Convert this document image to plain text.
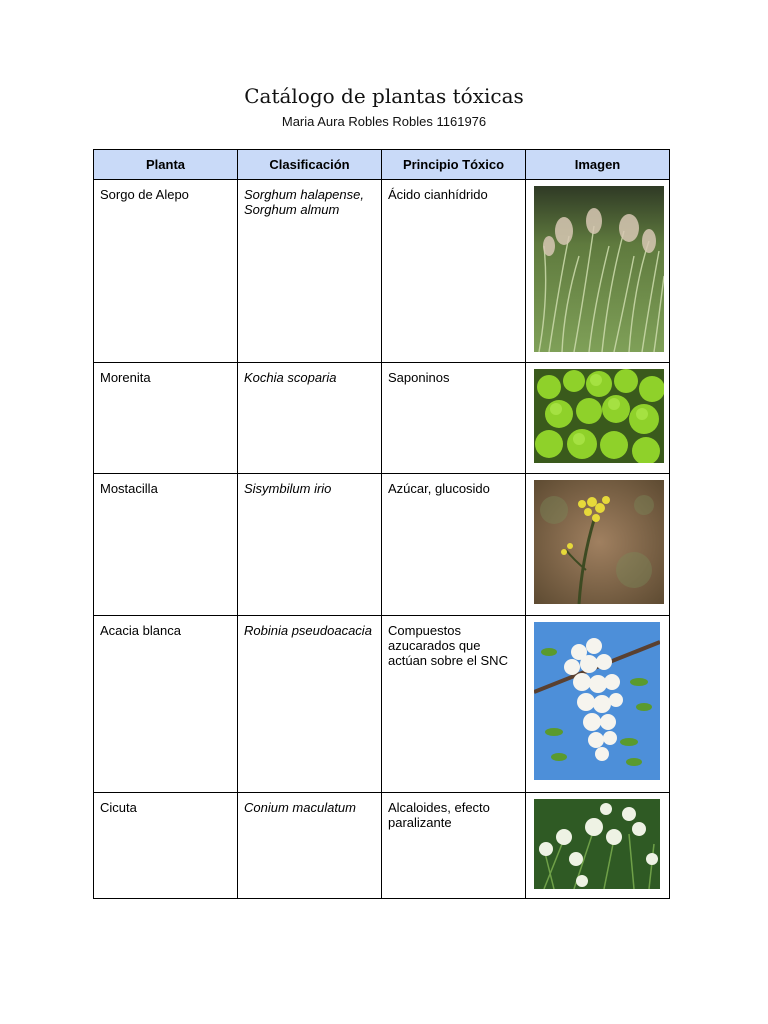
Catálogo de plantas tóxicas
Maria Aura Robles Robles 1161976
Planta	Clasificación	Principio Tóxico	Imagen
Sorgo de Alepo	Sorghum halapense, Sorghum almum	Ácido cianhídrido	

Morenita	Kochia scoparia	Saponinos	

Mostacilla	Sisymbilum irio	Azúcar, glucosido	

Acacia blanca	Robinia pseudoacacia	Compuestos azucarados que actúan sobre el SNC	

Cicuta	Conium maculatum	Alcaloides, efecto paralizante	
